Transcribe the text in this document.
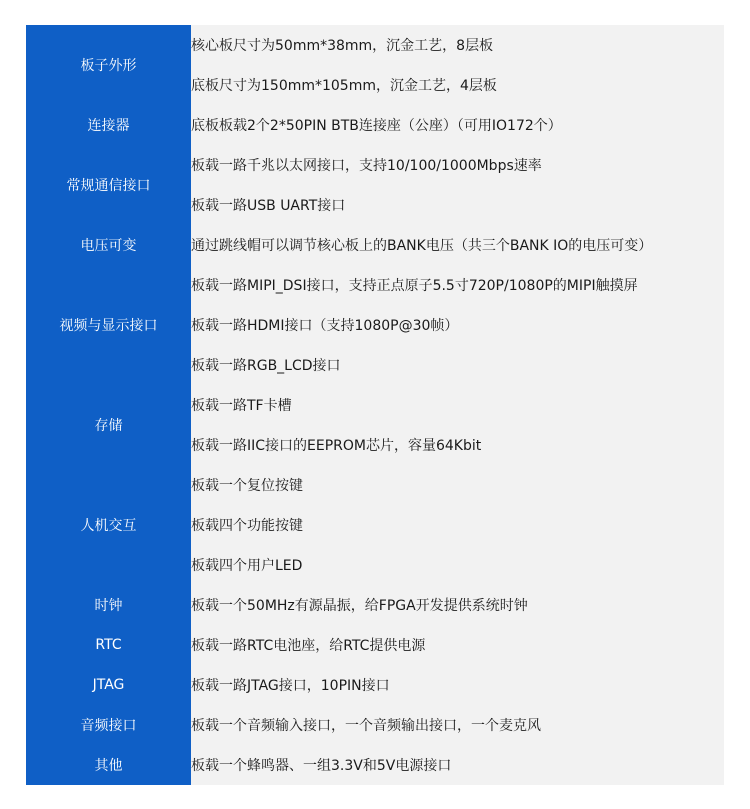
板子外形	核心板尺寸为50mm*38mm，沉金工艺，8层板
	底板尺寸为150mm*105mm，沉金工艺，4层板
连接器	底板板载2个2*50PIN BTB连接座（公座）（可用IO172个）
常规通信接口	板载一路千兆以太网接口，支持10/100/1000Mbps速率
	板载一路USB UART接口
电压可变	通过跳线帽可以调节核心板上的BANK电压（共三个BANK IO的电压可变）
视频与显示接口	板载一路MIPI_DSI接口，支持正点原子5.5寸720P/1080P的MIPI触摸屏
	板载一路HDMI接口（支持1080P@30帧）
	板载一路RGB_LCD接口
存储	板载一路TF卡槽
	板载一路IIC接口的EEPROM芯片，容量64Kbit
人机交互	板载一个复位按键
	板载四个功能按键
	板载四个用户LED
时钟	板载一个50MHz有源晶振，给FPGA开发提供系统时钟
RTC	板载一路RTC电池座，给RTC提供电源
JTAG	板载一路JTAG接口，10PIN接口
音频接口	板载一个音频输入接口，一个音频输出接口，一个麦克风
其他	板载一个蜂鸣器、一组3.3V和5V电源接口
